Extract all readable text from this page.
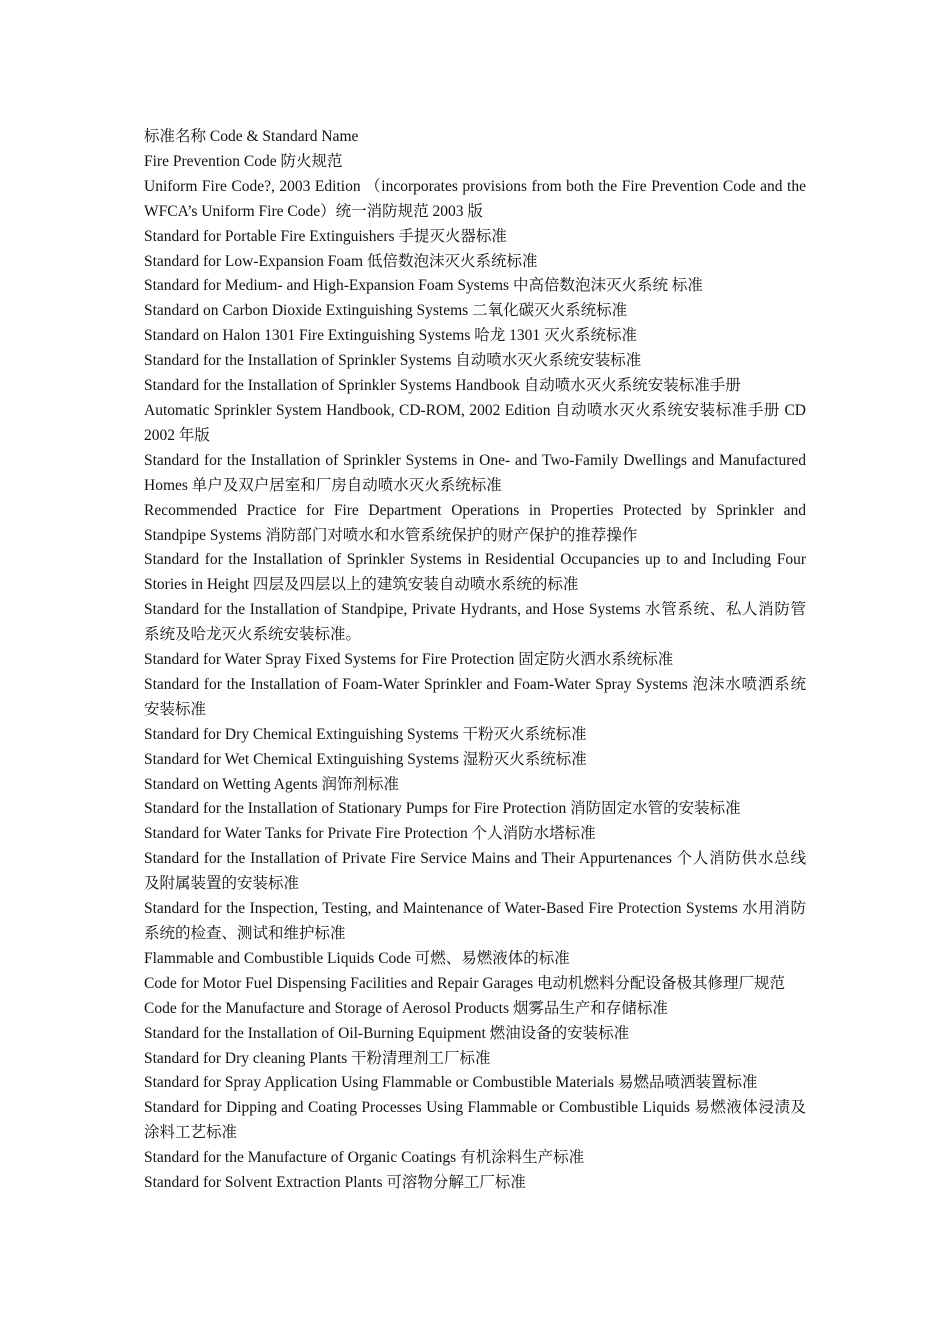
标准名称 Code & Standard Name

Fire Prevention Code 防火规范

Uniform Fire Code?, 2003 Edition （incorporates provisions from both the Fire Prevention Code and the WFCA’s Uniform Fire Code）统一消防规范 2003 版

Standard for Portable Fire Extinguishers 手提灭火器标准

Standard for Low-Expansion Foam 低倍数泡沫灭火系统标准

Standard for Medium- and High-Expansion Foam Systems 中高倍数泡沫灭火系统 标准

Standard on Carbon Dioxide Extinguishing Systems 二氧化碳灭火系统标准

Standard on Halon 1301 Fire Extinguishing Systems 哈龙 1301 灭火系统标准

Standard for the Installation of Sprinkler Systems 自动喷水灭火系统安装标准

Standard for the Installation of Sprinkler Systems Handbook 自动喷水灭火系统安装标准手册

Automatic Sprinkler System Handbook, CD-ROM, 2002 Edition 自动喷水灭火系统安装标准手册 CD 2002 年版

Standard for the Installation of Sprinkler Systems in One- and Two-Family Dwellings and Manufactured Homes 单户及双户居室和厂房自动喷水灭火系统标准

Recommended Practice for Fire Department Operations in Properties Protected by Sprinkler and Standpipe Systems 消防部门对喷水和水管系统保护的财产保护的推荐操作

Standard for the Installation of Sprinkler Systems in Residential Occupancies up to and Including Four Stories in Height 四层及四层以上的建筑安装自动喷水系统的标准

Standard for the Installation of Standpipe, Private Hydrants, and Hose Systems 水管系统、私人消防管系统及哈龙灭火系统安装标准。

Standard for Water Spray Fixed Systems for Fire Protection 固定防火洒水系统标准

Standard for the Installation of Foam-Water Sprinkler and Foam-Water Spray Systems 泡沫水喷洒系统安装标准

Standard for Dry Chemical Extinguishing Systems 干粉灭火系统标准

Standard for Wet Chemical Extinguishing Systems 湿粉灭火系统标准

Standard on Wetting Agents 润饰剂标准

Standard for the Installation of Stationary Pumps for Fire Protection 消防固定水管的安装标准

Standard for Water Tanks for Private Fire Protection 个人消防水塔标准

Standard for the Installation of Private Fire Service Mains and Their Appurtenances 个人消防供水总线及附属装置的安装标准

Standard for the Inspection, Testing, and Maintenance of Water-Based Fire Protection Systems 水用消防系统的检查、测试和维护标准

Flammable and Combustible Liquids Code 可燃、易燃液体的标准

Code for Motor Fuel Dispensing Facilities and Repair Garages 电动机燃料分配设备极其修理厂规范

Code for the Manufacture and Storage of Aerosol Products 烟雾品生产和存储标准

Standard for the Installation of Oil-Burning Equipment 燃油设备的安装标准

Standard for Dry cleaning Plants 干粉清理剂工厂标准

Standard for Spray Application Using Flammable or Combustible Materials 易燃品喷洒装置标准

Standard for Dipping and Coating Processes Using Flammable or Combustible Liquids 易燃液体浸渍及涂料工艺标准

Standard for the Manufacture of Organic Coatings 有机涂料生产标准

Standard for Solvent Extraction Plants 可溶物分解工厂标准
